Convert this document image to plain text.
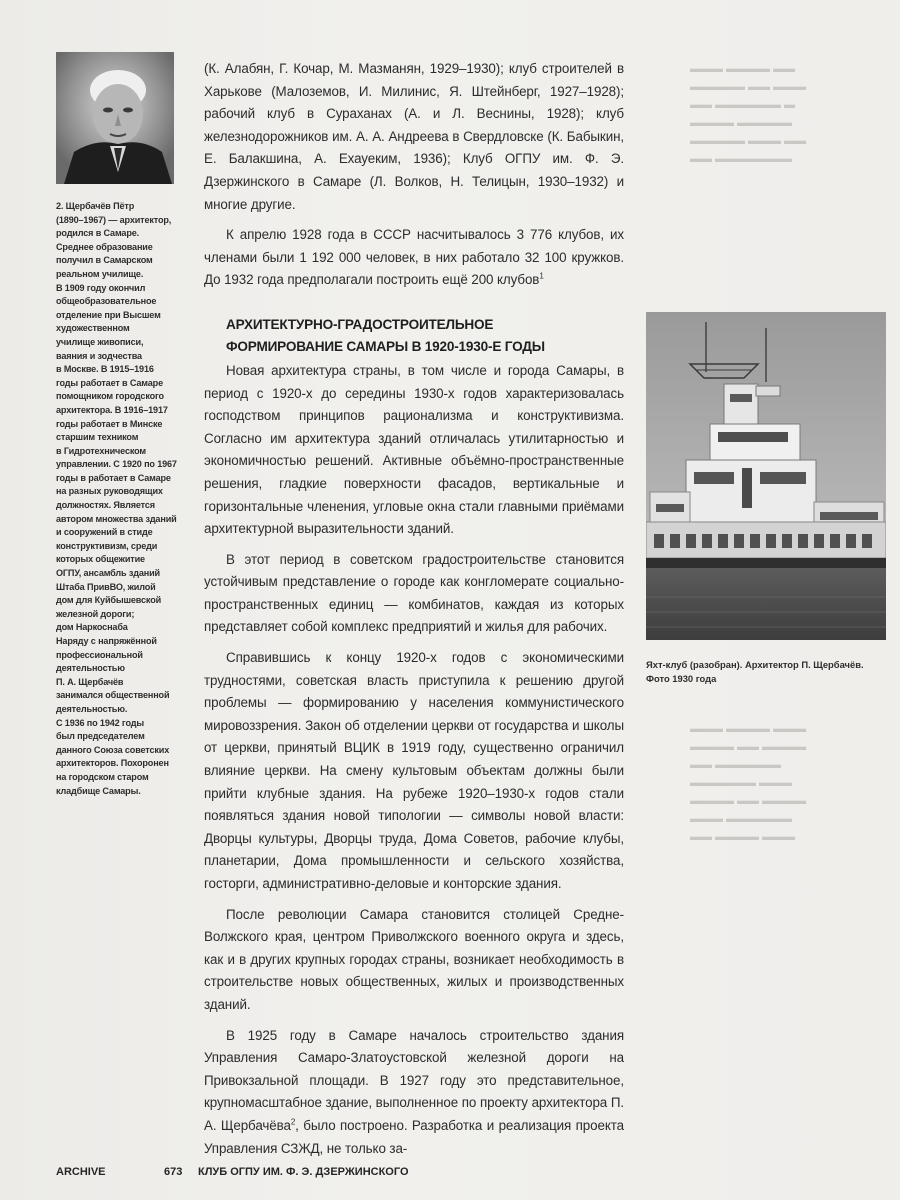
▬▬▬ ▬▬▬▬ ▬▬
▬▬▬▬▬ ▬▬ ▬▬▬
▬▬ ▬▬▬▬▬▬ ▬
▬▬▬▬ ▬▬▬▬▬
▬▬▬▬▬ ▬▬▬ ▬▬
▬▬ ▬▬▬▬▬▬▬
▬▬▬ ▬▬▬▬ ▬▬▬
▬▬▬▬ ▬▬ ▬▬▬▬
▬▬ ▬▬▬▬▬▬
▬▬▬▬▬▬ ▬▬▬
▬▬▬▬ ▬▬ ▬▬▬▬
▬▬▬ ▬▬▬▬▬▬
▬▬ ▬▬▬▬ ▬▬▬
2. Щербачёв Пётр
(1890–1967) — архитектор,
родился в Самаре.
Среднее образование
получил в Самарском
реальном училище.
В 1909 году окончил
общеобразовательное
отделение при Высшем
художественном
училище живописи,
ваяния и зодчества
в Москве. В 1915–1916
годы работает в Самаре
помощником городского
архитектора. В 1916–1917
годы работает в Минске
старшим техником
в Гидротехническом
управлении. С 1920 по 1967
годы в работает в Самаре
на разных руководящих
должностях. Является
автором множества зданий
и сооружений в стиде
конструктивизм, среди
которых общежитие
ОГПУ, ансамбль зданий
Штаба ПривВО, жилой
дом для Куйбышевской
железной дороги;
дом Наркоснаба
Наряду с напряжённой
профессиональной
деятельностью
П. А. Щербачёв
занимался общественной
деятельностью.
С 1936 по 1942 годы
был председателем
данного Союза советских
архитекторов. Похоронен
на городском старом
кладбище Самары.

(К. Алабян, Г. Кочар, М. Мазманян, 1929–1930); клуб строителей в Харькове (Малоземов, И. Милинис, Я. Штейнберг, 1927–1928); рабочий клуб в Сураханах (А. и Л. Веснины, 1928); клуб железнодорожников им. А. А. Андреева в Свердловске (К. Бабыкин, Е. Балакшина, А. Ехауеким, 1936); Клуб ОГПУ им. Ф. Э. Дзержинского в Самаре (Л. Волков, Н. Телицын, 1930–1932) и многие другие.

К апрелю 1928 года в СССР насчитывалось 3 776 клубов, их членами были 1 192 000 человек, в них работало 32 100 кружков. До 1932 года предполагали построить ещё 200 клубов$^1$

АРХИТЕКТУРНО-ГРАДОСТРОИТЕЛЬНОЕ
ФОРМИРОВАНИЕ САМАРЫ В 1920-1930-Е ГОДЫ

Новая архитектура страны, в том числе и города Самары, в период с 1920-х до середины 1930-х годов характеризовалась господством принципов рационализма и конструктивизма. Согласно им архитектура зданий отличалась утилитарностью и экономичностью решений. Активные объёмно-пространственные решения, гладкие поверхности фасадов, вертикальные и горизонтальные членения, угловые окна стали главными приёмами архитектурной выразительности зданий.

В этот период в советском градостроительстве становится устойчивым представление о городе как конгломерате социально-пространственных единиц — комбинатов, каждая из которых представляет собой комплекс предприятий и жилья для рабочих.

Справившись к концу 1920-х годов с экономическими трудностями, советская власть приступила к решению другой проблемы — формированию у населения коммунистического мировоззрения. Закон об отделении церкви от государства и школы от церкви, принятый ВЦИК в 1919 году, существенно ограничил влияние церкви. На смену культовым объектам должны были прийти клубные здания. На рубеже 1920–1930-х годов стали появляться здания новой типологии — символы новой власти: Дворцы культуры, Дворцы труда, Дома Советов, рабочие клубы, планетарии, Дома промышленности и сельского хозяйства, госторги, административно-деловые и конторские здания.

После революции Самара становится столицей Средне-Волжского края, центром Приволжского военного округа и здесь, как и в других крупных городах страны, возникает необходимость в строительстве новых общественных, жилых и производственных зданий.

В 1925 году в Самаре началось строительство здания Управления Самаро-Златоустовской железной дороги на Привокзальной площади. В 1927 году это представительное, крупномасштабное здание, выполненное по проекту архитектора П. А. Щербачёва$^2$, было построено. Разработка и реализация проекта Управления СЗЖД, не только за-

Яхт-клуб (разобран). Архитектор П. Щербачёв. Фото 1930 года
ARCHIVE	673 КЛУБ ОГПУ ИМ. Ф. Э. ДЗЕРЖИНСКОГО
